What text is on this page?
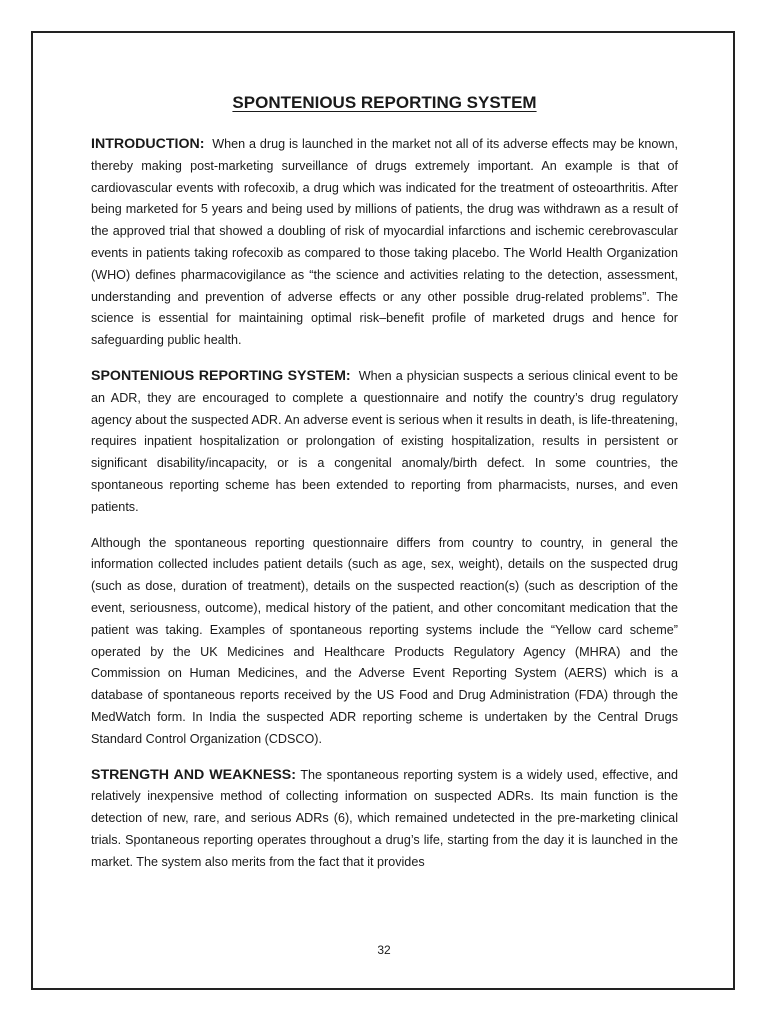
SPONTENIOUS REPORTING SYSTEM

INTRODUCTION: When a drug is launched in the market not all of its adverse effects may be known, thereby making post-marketing surveillance of drugs extremely important. An example is that of cardiovascular events with rofecoxib, a drug which was indicated for the treatment of osteoarthritis. After being marketed for 5 years and being used by millions of patients, the drug was withdrawn as a result of the approved trial that showed a doubling of risk of myocardial infarctions and ischemic cerebrovascular events in patients taking rofecoxib as compared to those taking placebo. The World Health Organization (WHO) defines pharmacovigilance as “the science and activities relating to the detection, assessment, understanding and prevention of adverse effects or any other possible drug-related problems”. The science is essential for maintaining optimal risk–benefit profile of marketed drugs and hence for safeguarding public health.

SPONTENIOUS REPORTING SYSTEM: When a physician suspects a serious clinical event to be an ADR, they are encouraged to complete a questionnaire and notify the country’s drug regulatory agency about the suspected ADR. An adverse event is serious when it results in death, is life-threatening, requires inpatient hospitalization or prolongation of existing hospitalization, results in persistent or significant disability/incapacity, or is a congenital anomaly/birth defect. In some countries, the spontaneous reporting scheme has been extended to reporting from pharmacists, nurses, and even patients.

Although the spontaneous reporting questionnaire differs from country to country, in general the information collected includes patient details (such as age, sex, weight), details on the suspected drug (such as dose, duration of treatment), details on the suspected reaction(s) (such as description of the event, seriousness, outcome), medical history of the patient, and other concomitant medication that the patient was taking. Examples of spontaneous reporting systems include the “Yellow card scheme” operated by the UK Medicines and Healthcare Products Regulatory Agency (MHRA) and the Commission on Human Medicines, and the Adverse Event Reporting System (AERS) which is a database of spontaneous reports received by the US Food and Drug Administration (FDA) through the MedWatch form. In India the suspected ADR reporting scheme is undertaken by the Central Drugs Standard Control Organization (CDSCO).

STRENGTH AND WEAKNESS: The spontaneous reporting system is a widely used, effective, and relatively inexpensive method of collecting information on suspected ADRs. Its main function is the detection of new, rare, and serious ADRs (6), which remained undetected in the pre-marketing clinical trials. Spontaneous reporting operates throughout a drug’s life, starting from the day it is launched in the market. The system also merits from the fact that it provides

32
